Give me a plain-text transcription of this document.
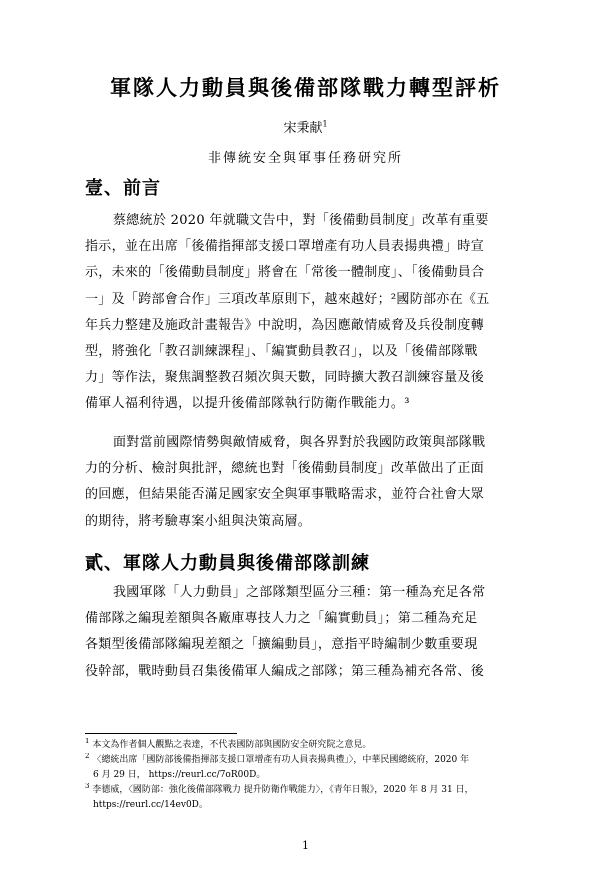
軍隊人力動員與後備部隊戰力轉型評析
宋秉献$^1$
非傳統安全與軍事任務研究所
壹、前言
蔡總統於 2020 年就職文告中，對「後備動員制度」改革有重要
指示，並在出席「後備指揮部支援口罩增產有功人員表揚典禮」時宣
示，未來的「後備動員制度」將會在「常後一體制度」、「後備動員合
一」及「跨部會合作」三項改革原則下，越來越好；²國防部亦在《五
年兵力整建及施政計畫報告》中說明，為因應敵情威脅及兵役制度轉
型，將強化「教召訓練課程」、「編實動員教召」，以及「後備部隊戰
力」等作法，聚焦調整教召頻次與天數，同時擴大教召訓練容量及後
備軍人福利待遇，以提升後備部隊執行防衛作戰能力。³
面對當前國際情勢與敵情威脅，與各界對於我國防政策與部隊戰
力的分析、檢討與批評，總統也對「後備動員制度」改革做出了正面
的回應，但結果能否滿足國家安全與軍事戰略需求，並符合社會大眾
的期待，將考驗專案小組與決策高層。
貳、軍隊人力動員與後備部隊訓練
我國軍隊「人力動員」之部隊類型區分三種：第一種為充足各常
備部隊之編現差額與各廠庫專技人力之「編實動員」；第二種為充足
各類型後備部隊編現差額之「擴編動員」，意指平時編制少數重要現
役幹部，戰時動員召集後備軍人編成之部隊；第三種為補充各常、後
$^1$ 本文為作者個人觀點之表達，不代表國防部與國防安全研究院之意見。
$^2$ 〈總統出席「國防部後備指揮部支援口罩增產有功人員表揚典禮」〉，中華民國總統府，2020 年
6 月 29 日， https://reurl.cc/7oR00D。
$^3$ 李德威，〈國防部：強化後備部隊戰力 提升防衛作戰能力〉，《青年日報》，2020 年 8 月 31 日，
https://reurl.cc/14ev0D。
1
